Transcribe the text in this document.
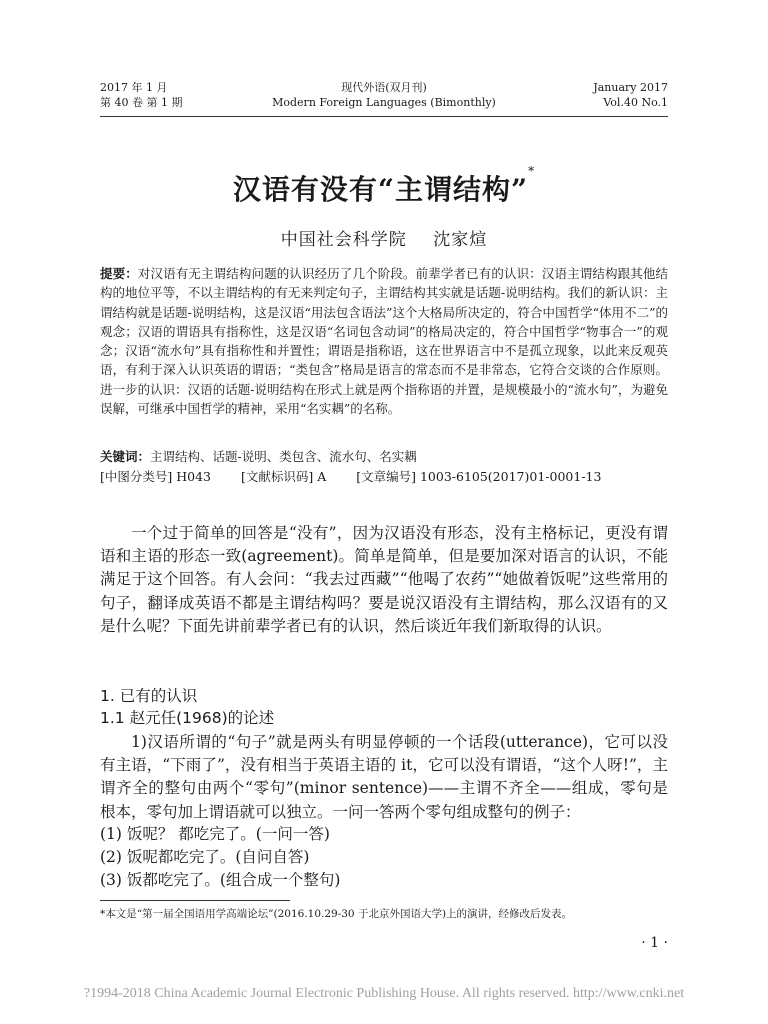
2017 年 1 月
第 40 卷 第 1 期
现代外语(双月刊)
Modern Foreign Languages (Bimonthly)
January 2017
Vol.40 No.1
汉语有没有“主谓结构”*
中国社会科学院 沈家煊
提要：对汉语有无主谓结构问题的认识经历了几个阶段。前辈学者已有的认识：汉语主谓结构跟其他结构的地位平等，不以主谓结构的有无来判定句子，主谓结构其实就是话题-说明结构。我们的新认识：主谓结构就是话题-说明结构，这是汉语“用法包含语法”这个大格局所决定的，符合中国哲学“体用不二”的观念；汉语的谓语具有指称性，这是汉语“名词包含动词”的格局决定的，符合中国哲学“物事合一”的观念；汉语“流水句”具有指称性和并置性；谓语是指称语，这在世界语言中不是孤立现象，以此来反观英语，有利于深入认识英语的谓语；“类包含”格局是语言的常态而不是非常态，它符合交谈的合作原则。进一步的认识：汉语的话题-说明结构在形式上就是两个指称语的并置，是规模最小的“流水句”，为避免误解，可继承中国哲学的精神，采用“名实耦”的名称。
关键词：主谓结构、话题-说明、类包含、流水句、名实耦
[中图分类号] H043 [文献标识码] A [文章编号] 1003-6105(2017)01-0001-13
一个过于简单的回答是“没有”，因为汉语没有形态，没有主格标记，更没有谓语和主语的形态一致(agreement)。简单是简单，但是要加深对语言的认识，不能满足于这个回答。有人会问：“我去过西藏”“他喝了农药”“她做着饭呢”这些常用的句子，翻译成英语不都是主谓结构吗？要是说汉语没有主谓结构，那么汉语有的又是什么呢？下面先讲前辈学者已有的认识，然后谈近年我们新取得的认识。
1. 已有的认识
1.1 赵元任(1968)的论述
1)汉语所谓的“句子”就是两头有明显停顿的一个话段(utterance)，它可以没有主语，“下雨了”，没有相当于英语主语的 it，它可以没有谓语，“这个人呀!”，主谓齐全的整句由两个“零句”(minor sentence)——主谓不齐全——组成，零句是根本，零句加上谓语就可以独立。一问一答两个零句组成整句的例子：
(1) 饭呢？ 都吃完了。(一问一答)
(2) 饭呢都吃完了。(自问自答)
(3) 饭都吃完了。(组合成一个整句)
*本文是“第一届全国语用学高端论坛”(2016.10.29-30 于北京外国语大学)上的演讲，经修改后发表。
· 1 ·
?1994-2018 China Academic Journal Electronic Publishing House. All rights reserved. http://www.cnki.net
